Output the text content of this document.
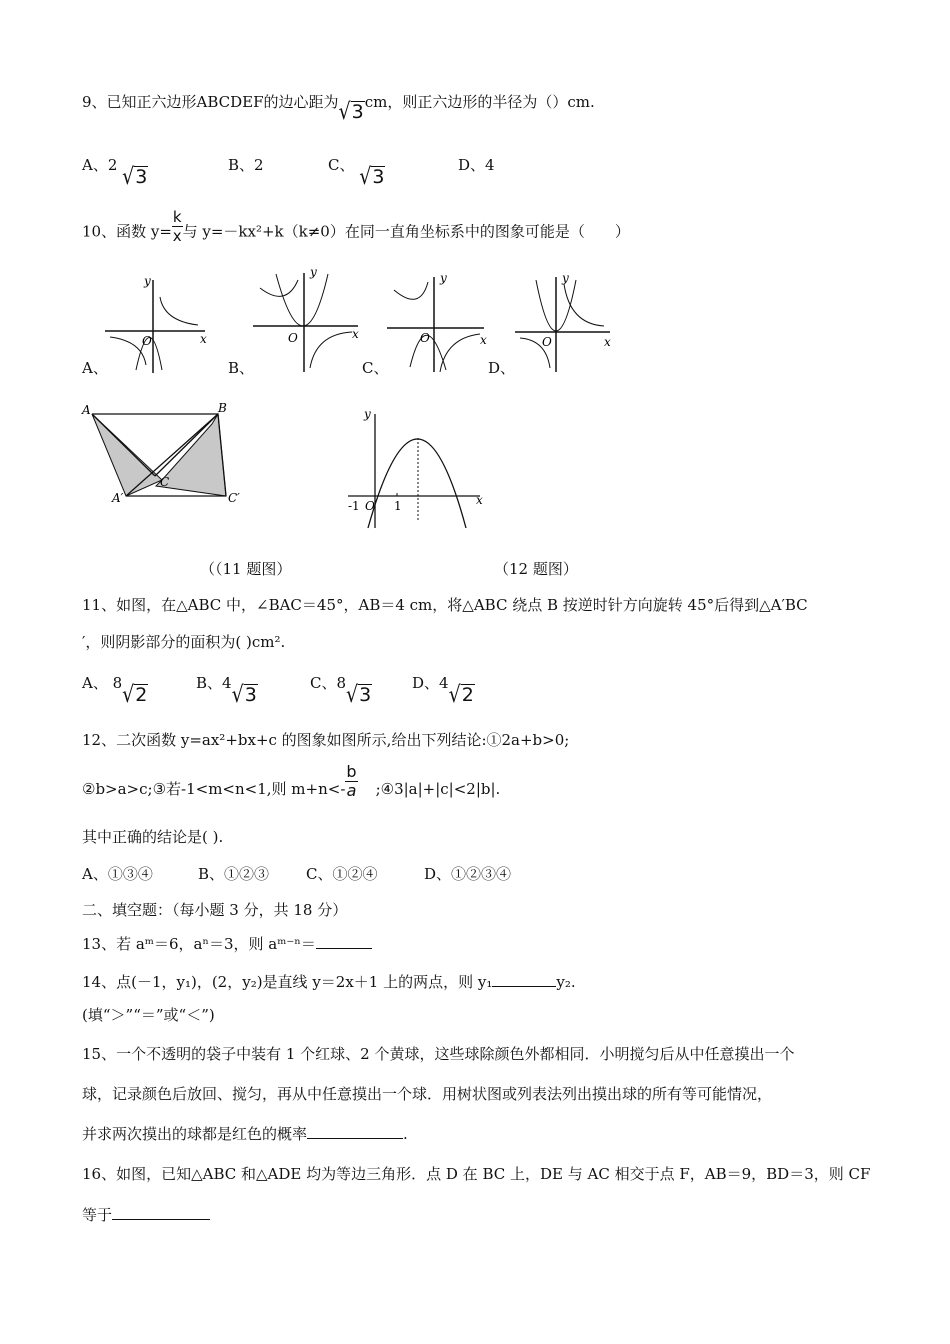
9、已知正六边形ABCDEF的边心距为√3cm，则正六边形的半径为（）cm.
A、2 √3
B、2	C、 √3
D、4
10、函数 $y= \frac{k}{x}$ 与 y=－kx²+k（k≠0）在同一直角坐标系中的图象可能是（　　）
A、	B、	C、	D、
y
x
O
y
x
O
y
x
O
y
x
O
A	B
C
A′	C′
y
x
-1 O 1
（（11 题图）	（12 题图）
11、如图，在△ABC 中，∠BAC＝45°，AB＝4 cm，将△ABC 绕点 B 按逆时针方向旋转 45°后得到△A′BC
′，则阴影部分的面积为( )cm².
A、 8√2
B、4√3
C、8√3
D、4√2
12、二次函数 y=ax²+bx+c 的图象如图所示,给出下列结论:①2a+b>0;
②b>a>c;③若-1<m<n<1,则 $m+n<- \frac{b}{a}$ ;④3|a|+|c|<2|b|.
其中正确的结论是( ).
A、①③④	B、①②③ C、①②④	D、①②③④
二、填空题：（每小题 3 分，共 18 分）
13、若 aᵐ＝6，aⁿ＝3，则 aᵐ⁻ⁿ＝
14、点(－1，y₁)，(2，y₂)是直线 y＝2x＋1 上的两点，则 y₁	y₂.
(填“＞”“＝”或“＜”)
15、一个不透明的袋子中装有 1 个红球、2 个黄球，这些球除颜色外都相同．小明搅匀后从中任意摸出一个
球，记录颜色后放回、搅匀，再从中任意摸出一个球．用树状图或列表法列出摸出球的所有等可能情况，
并求两次摸出的球都是红色的概率	.
16、如图，已知△ABC 和△ADE 均为等边三角形．点 D 在 BC 上，DE 与 AC 相交于点 F，AB＝9，BD＝3，则 CF
等于
